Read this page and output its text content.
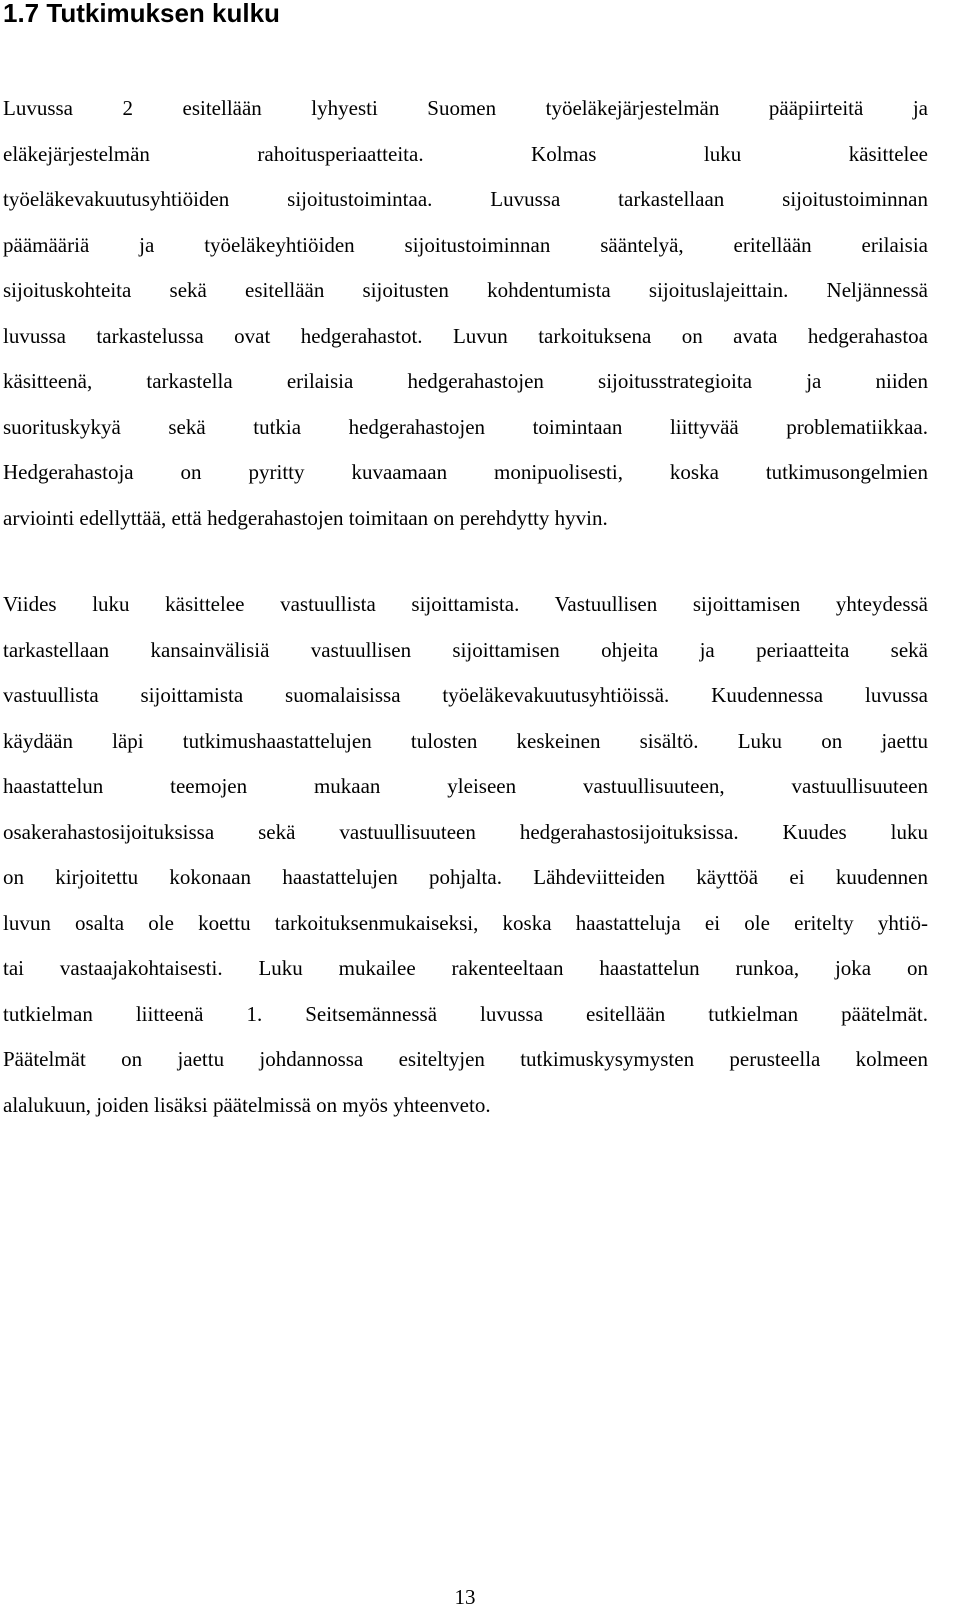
1.7 Tutkimuksen kulku
Luvussa 2 esitellään lyhyesti Suomen työeläkejärjestelmän pääpiirteitä ja
eläkejärjestelmän rahoitusperiaatteita. Kolmas luku käsittelee
työeläkevakuutusyhtiöiden sijoitustoimintaa. Luvussa tarkastellaan sijoitustoiminnan
päämääriä ja työeläkeyhtiöiden sijoitustoiminnan sääntelyä, eritellään erilaisia
sijoituskohteita sekä esitellään sijoitusten kohdentumista sijoituslajeittain. Neljännessä
luvussa tarkastelussa ovat hedgerahastot. Luvun tarkoituksena on avata hedgerahastoa
käsitteenä, tarkastella erilaisia hedgerahastojen sijoitusstrategioita ja niiden
suorituskykyä sekä tutkia hedgerahastojen toimintaan liittyvää problematiikkaa.
Hedgerahastoja on pyritty kuvaamaan monipuolisesti, koska tutkimusongelmien
arviointi edellyttää, että hedgerahastojen toimitaan on perehdytty hyvin.
Viides luku käsittelee vastuullista sijoittamista. Vastuullisen sijoittamisen yhteydessä
tarkastellaan kansainvälisiä vastuullisen sijoittamisen ohjeita ja periaatteita sekä
vastuullista sijoittamista suomalaisissa työeläkevakuutusyhtiöissä. Kuudennessa luvussa
käydään läpi tutkimushaastattelujen tulosten keskeinen sisältö. Luku on jaettu
haastattelun teemojen mukaan yleiseen vastuullisuuteen, vastuullisuuteen
osakerahastosijoituksissa sekä vastuullisuuteen hedgerahastosijoituksissa. Kuudes luku
on kirjoitettu kokonaan haastattelujen pohjalta. Lähdeviitteiden käyttöä ei kuudennen
luvun osalta ole koettu tarkoituksenmukaiseksi, koska haastatteluja ei ole eritelty yhtiö-
tai vastaajakohtaisesti. Luku mukailee rakenteeltaan haastattelun runkoa, joka on
tutkielman liitteenä 1. Seitsemännessä luvussa esitellään tutkielman päätelmät.
Päätelmät on jaettu johdannossa esiteltyjen tutkimuskysymysten perusteella kolmeen
alalukuun, joiden lisäksi päätelmissä on myös yhteenveto.
13
